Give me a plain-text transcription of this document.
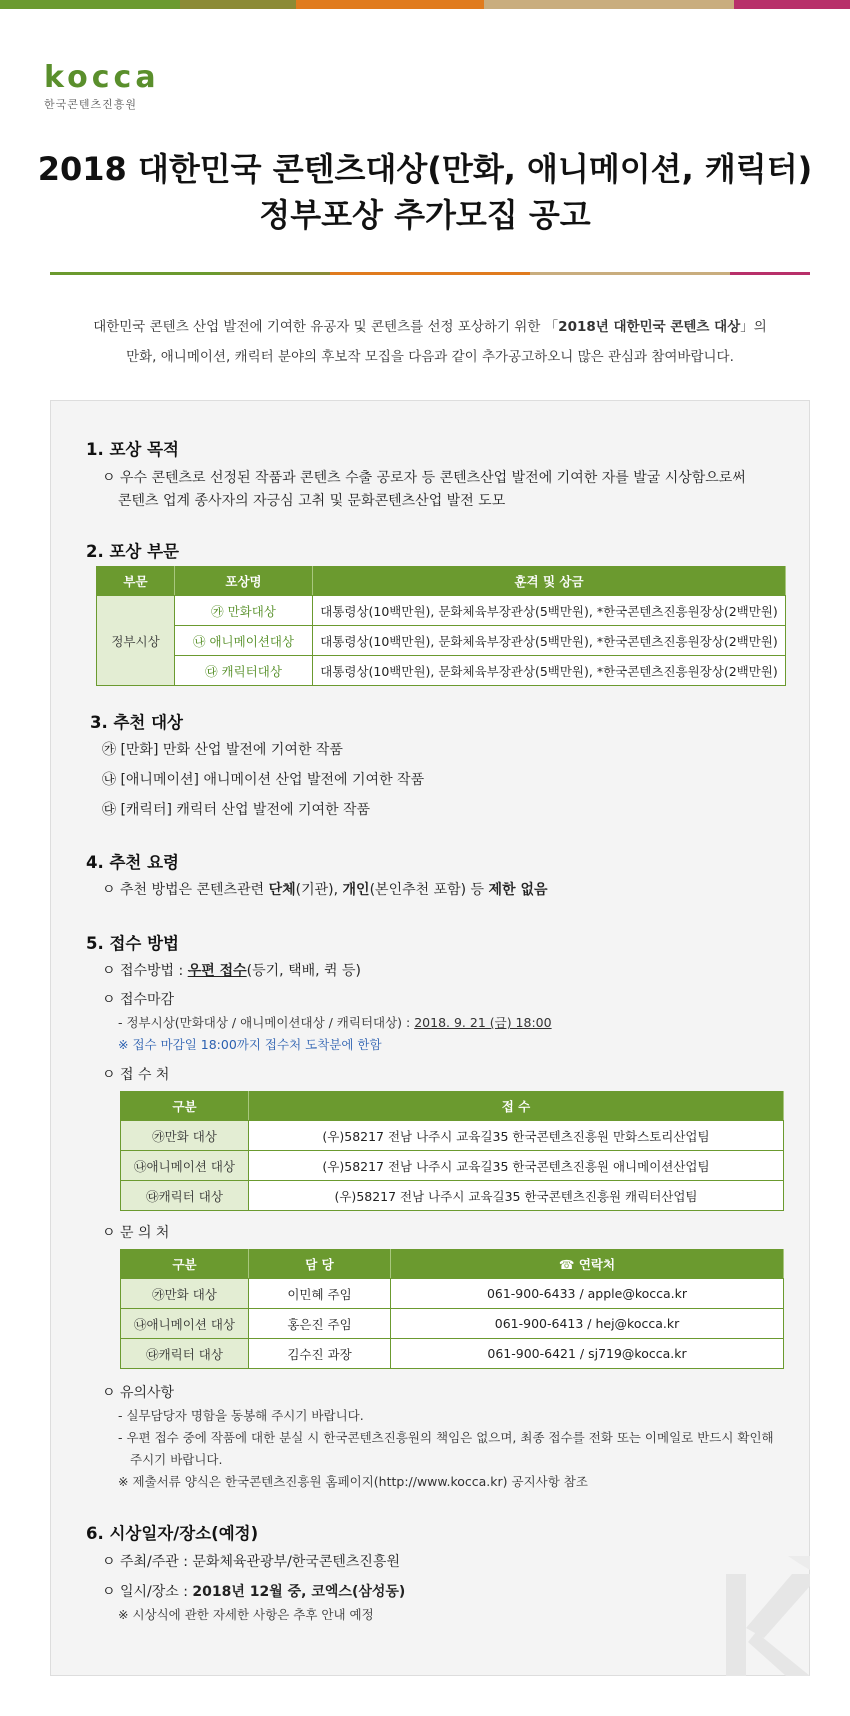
kocca
한국콘텐츠진흥원
2018 대한민국 콘텐츠대상(만화, 애니메이션, 캐릭터)
정부포상 추가모집 공고
대한민국 콘텐츠 산업 발전에 기여한 유공자 및 콘텐츠를 선정 포상하기 위한 「2018년 대한민국 콘텐츠 대상」의
만화, 애니메이션, 캐릭터 분야의 후보작 모집을 다음과 같이 추가공고하오니 많은 관심과 참여바랍니다.
1. 포상 목적
ㅇ 우수 콘텐츠로 선정된 작품과 콘텐츠 수출 공로자 등 콘텐츠산업 발전에 기여한 자를 발굴 시상함으로써
콘텐츠 업계 종사자의 자긍심 고취 및 문화콘텐츠산업 발전 도모
2. 포상 부문
부문	포상명	훈격 및 상금
정부시상	㉮ 만화대상	대통령상(10백만원), 문화체육부장관상(5백만원), *한국콘텐츠진흥원장상(2백만원)
	㉯ 애니메이션대상	대통령상(10백만원), 문화체육부장관상(5백만원), *한국콘텐츠진흥원장상(2백만원)
	㉰ 캐릭터대상	대통령상(10백만원), 문화체육부장관상(5백만원), *한국콘텐츠진흥원장상(2백만원)
3. 추천 대상
㉮ [만화] 만화 산업 발전에 기여한 작품
㉯ [애니메이션] 애니메이션 산업 발전에 기여한 작품
㉰ [캐릭터] 캐릭터 산업 발전에 기여한 작품
4. 추천 요령
ㅇ 추천 방법은 콘텐츠관련 단체(기관), 개인(본인추천 포함) 등 제한 없음
5. 접수 방법
ㅇ 접수방법 : 우편 접수(등기, 택배, 퀵 등)
ㅇ 접수마감
- 정부시상(만화대상 / 애니메이션대상 / 캐릭터대상) : 2018. 9. 21 (금) 18:00
※ 접수 마감일 18:00까지 접수처 도착분에 한함
ㅇ 접 수 처
구분	접 수
㉮만화 대상	(우)58217 전남 나주시 교육길35 한국콘텐츠진흥원 만화스토리산업팀
㉯애니메이션 대상	(우)58217 전남 나주시 교육길35 한국콘텐츠진흥원 애니메이션산업팀
㉰캐릭터 대상	(우)58217 전남 나주시 교육길35 한국콘텐츠진흥원 캐릭터산업팀
ㅇ 문 의 처
구분	담 당	☎ 연락처
㉮만화 대상	이민혜 주임	061-900-6433 / apple@kocca.kr
㉯애니메이션 대상	홍은진 주임	061-900-6413 / hej@kocca.kr
㉰캐릭터 대상	김수진 과장	061-900-6421 / sj719@kocca.kr
ㅇ 유의사항
- 실무담당자 명함을 동봉해 주시기 바랍니다.
- 우편 접수 중에 작품에 대한 분실 시 한국콘텐츠진흥원의 책임은 없으며, 최종 접수를 전화 또는 이메일로 반드시 확인해
주시기 바랍니다.
※ 제출서류 양식은 한국콘텐츠진흥원 홈페이지(http://www.kocca.kr) 공지사항 참조
6. 시상일자/장소(예정)
ㅇ 주최/주관 : 문화체육관광부/한국콘텐츠진흥원
ㅇ 일시/장소 : 2018년 12월 중, 코엑스(삼성동)
※ 시상식에 관한 자세한 사항은 추후 안내 예정
